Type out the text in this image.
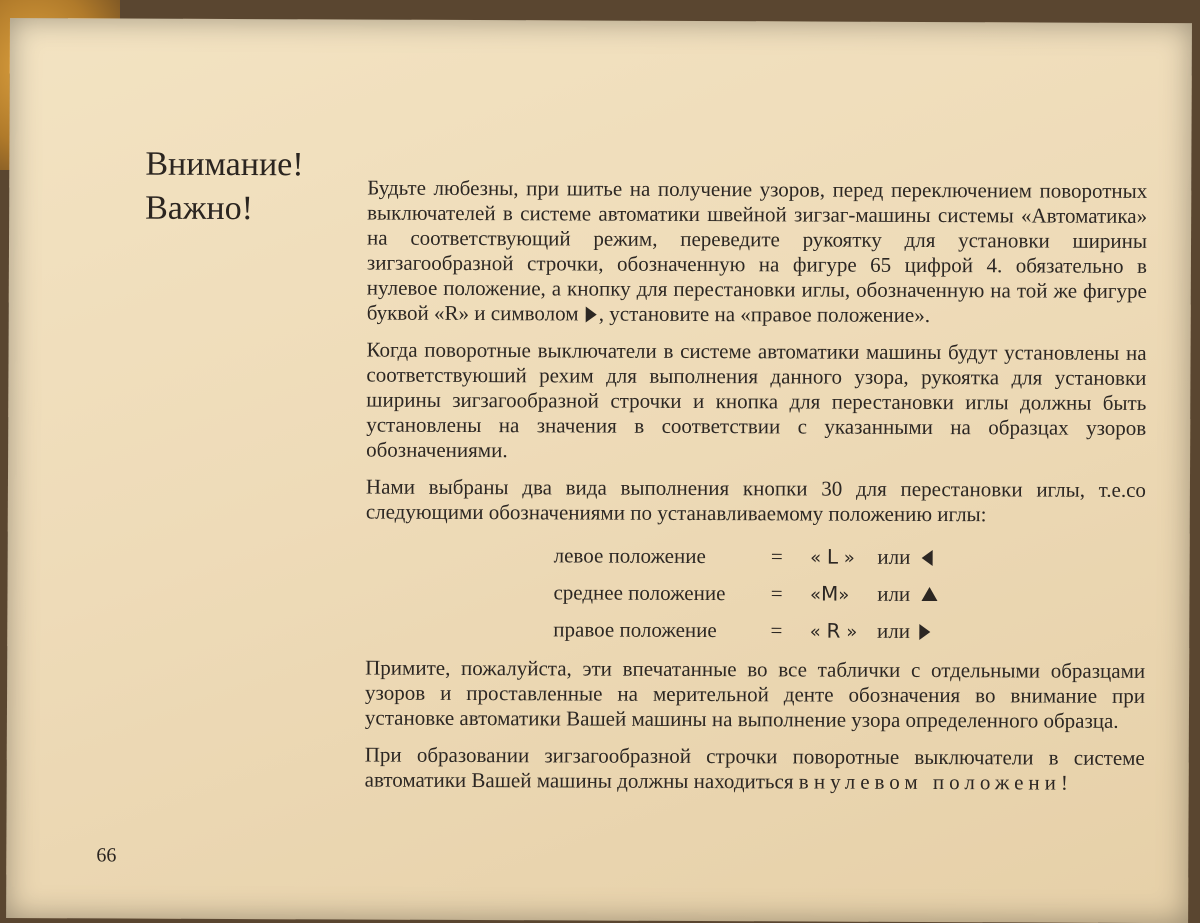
Внимание!
Важно!

Будьте любезны, при шитье на получение узоров, перед переключением поворотных выключателей в системе автоматики швейной зигзаг-машины системы «Автоматика» на соответствующий режим, переведите рукоятку для установки ширины зигзагообразной строчки, обозначенную на фигуре 65 цифрой 4. обязательно в нулевое положение, а кнопку для перестановки иглы, обозначенную на той же фигуре буквой «R» и символом , установите на «правое положение».

Когда поворотные выключатели в системе автоматики машины будут установлены на соответствуюший рехим для выполнения данного узора, рукоятка для установки ширины зигзагообразной строчки и кнопка для перестановки иглы должны быть установлены на значения в соответствии с указанными на образцах узоров обозначениями.

Нами выбраны два вида выполнения кнопки 30 для перестановки иглы, т.е.со следующими обозначениями по устанавливаемому положению иглы:

левое положение	= « L » или
среднее положение = «M» или
правое положение	= « R » или

Примите, пожалуйста, эти впечатанные во все таблички с отдельными образцами узоров и проставленные на мерительной денте обозначения во внимание при установке автоматики Вашей машины на выполнение узора определенного образца.

При образовании зигзагообразной строчки поворотные выключатели в системе автоматики Вашей машины должны находиться в нулевом положени!

66
